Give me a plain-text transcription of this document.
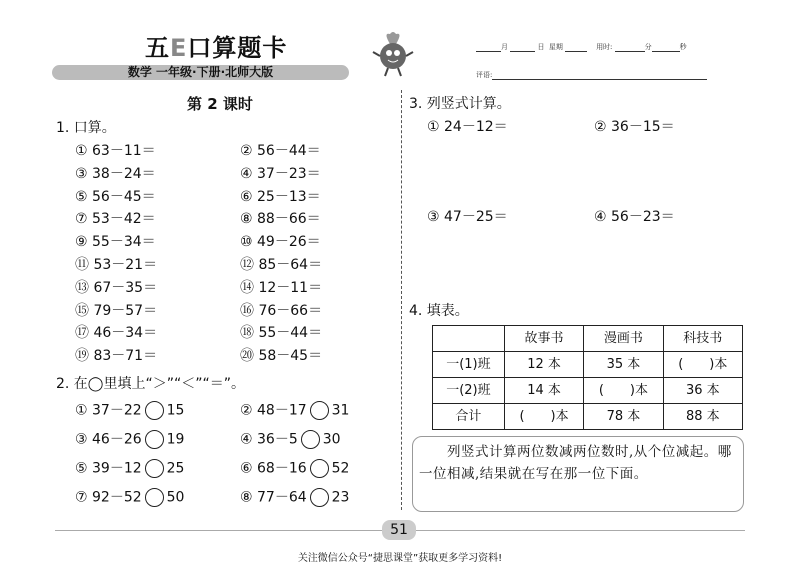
五E口算题卡
数学 一年级·下册·北师大版
月	日 星期	用时:	分	秒
评语:
第 2 课时
1. 口算。
① 63－11＝	② 56－44＝
③ 38－24＝	④ 37－23＝
⑤ 56－45＝	⑥ 25－13＝
⑦ 53－42＝	⑧ 88－66＝
⑨ 55－34＝	⑩ 49－26＝
⑪ 53－21＝	⑫ 85－64＝
⑬ 67－35＝	⑭ 12－11＝
⑮ 79－57＝	⑯ 76－66＝
⑰ 46－34＝	⑱ 55－44＝
⑲ 83－71＝	⑳ 58－45＝
2. 在◯里填上“＞”“＜”“＝”。
① 37－22 15	② 48－17 31
③ 46－26 19	④ 36－5 30
⑤ 39－12 25	⑥ 68－16 52
⑦ 92－52 50	⑧ 77－64 23
3. 列竖式计算。
① 24－12＝	② 36－15＝
③ 47－25＝	④ 56－23＝
4. 填表。
	故事书	漫画书	科技书
一(1)班	12 本	35 本	(　　)本
一(2)班	14 本	(　　)本	36 本
合计	(　　)本	78 本	88 本
　　列竖式计算两位数减两位数时,从个位减起。哪一位相减,结果就在写在那一位下面。
51
关注微信公众号“捷思课堂”获取更多学习资料!
